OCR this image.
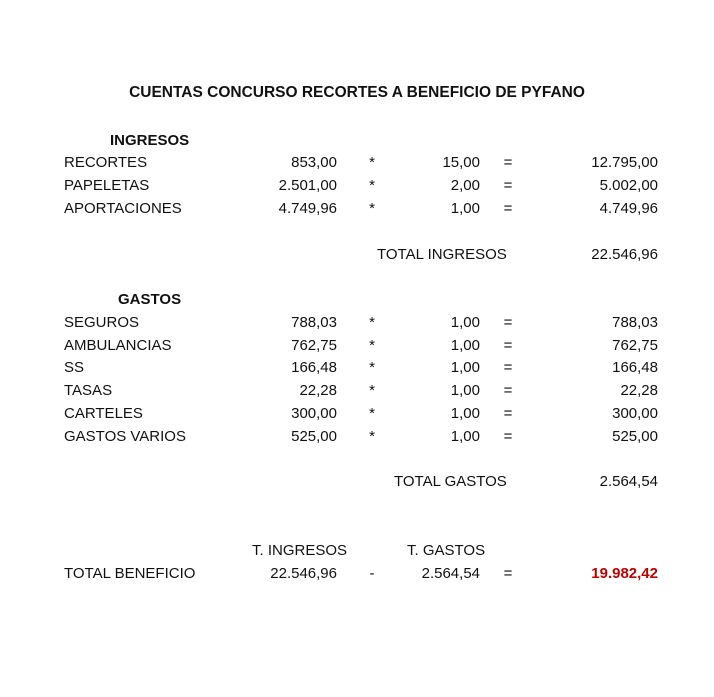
CUENTAS CONCURSO RECORTES A BENEFICIO DE PYFANO
INGRESOS
RECORTES	853,00	*	15,00	=	12.795,00
PAPELETAS	2.501,00	*	2,00	=	5.002,00
APORTACIONES	4.749,96	*	1,00	=	4.749,96
TOTAL INGRESOS	22.546,96
GASTOS
SEGUROS	788,03	*	1,00	=	788,03
AMBULANCIAS	762,75	*	1,00	=	762,75
SS	166,48	*	1,00	=	166,48
TASAS	22,28	*	1,00	=	22,28
CARTELES	300,00	*	1,00	=	300,00
GASTOS VARIOS	525,00	*	1,00	=	525,00
TOTAL GASTOS	2.564,54
T. INGRESOS	T. GASTOS
TOTAL BENEFICIO	22.546,96	-	2.564,54	=	19.982,42
